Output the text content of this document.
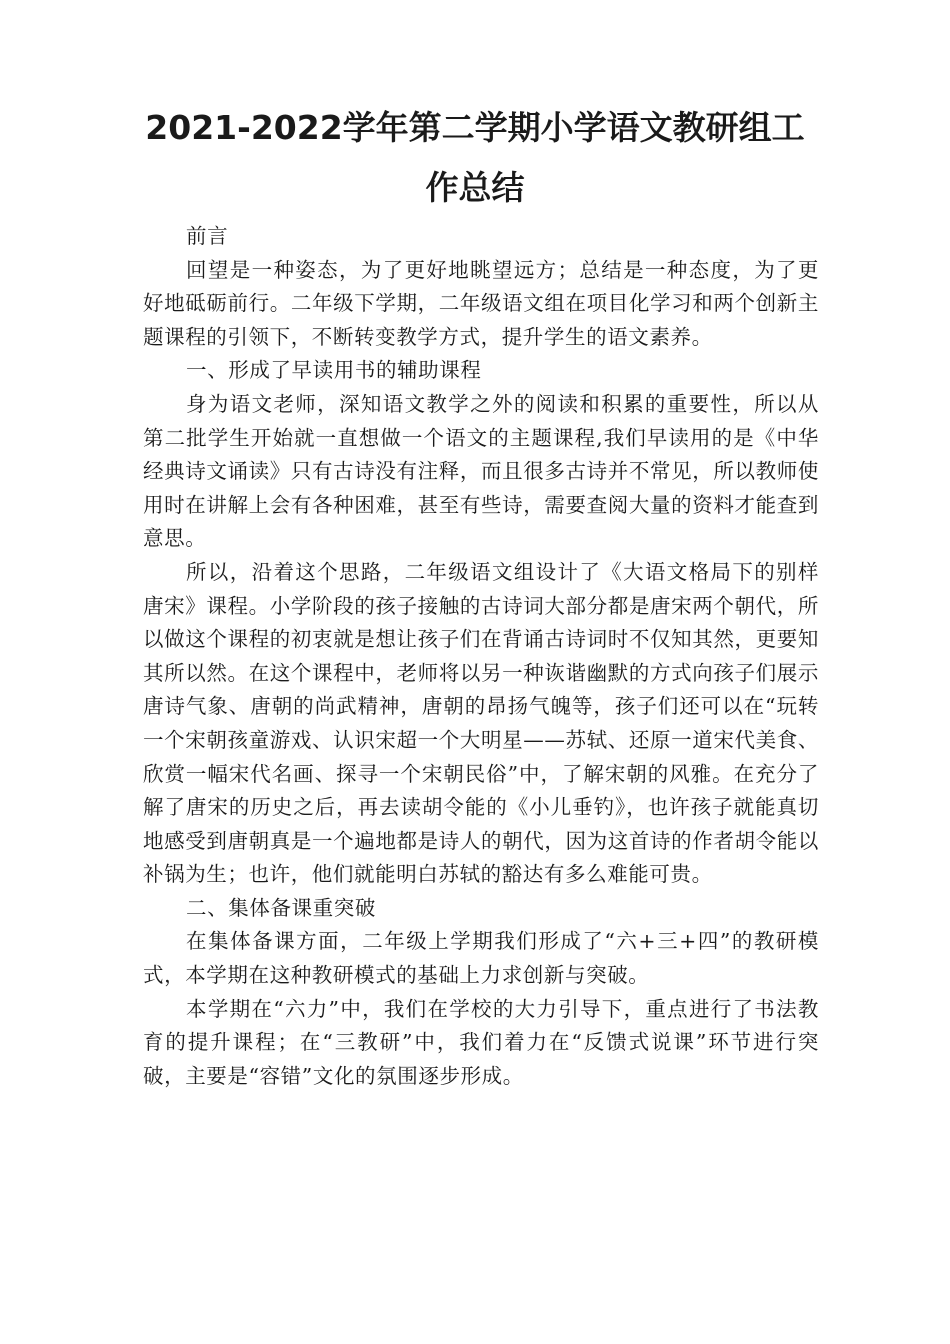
2021-2022学年第二学期小学语文教研组工
作总结

前言

回望是一种姿态，为了更好地眺望远方；总结是一种态度，为了更好地砥砺前行。二年级下学期，二年级语文组在项目化学习和两个创新主题课程的引领下，不断转变教学方式，提升学生的语文素养。

一、形成了早读用书的辅助课程

身为语文老师，深知语文教学之外的阅读和积累的重要性，所以从第二批学生开始就一直想做一个语文的主题课程,我们早读用的是《中华经典诗文诵读》只有古诗没有注释，而且很多古诗并不常见，所以教师使用时在讲解上会有各种困难，甚至有些诗，需要查阅大量的资料才能查到意思。

所以，沿着这个思路，二年级语文组设计了《大语文格局下的别样唐宋》课程。小学阶段的孩子接触的古诗词大部分都是唐宋两个朝代，所以做这个课程的初衷就是想让孩子们在背诵古诗词时不仅知其然，更要知其所以然。在这个课程中，老师将以另一种诙谐幽默的方式向孩子们展示唐诗气象、唐朝的尚武精神，唐朝的昂扬气魄等，孩子们还可以在“玩转一个宋朝孩童游戏、认识宋超一个大明星——苏轼、还原一道宋代美食、欣赏一幅宋代名画、探寻一个宋朝民俗”中，了解宋朝的风雅。在充分了解了唐宋的历史之后，再去读胡令能的《小儿垂钓》，也许孩子就能真切地感受到唐朝真是一个遍地都是诗人的朝代，因为这首诗的作者胡令能以补锅为生；也许，他们就能明白苏轼的豁达有多么难能可贵。

二、集体备课重突破

在集体备课方面，二年级上学期我们形成了“六+三+四”的教研模式，本学期在这种教研模式的基础上力求创新与突破。

本学期在“六力”中，我们在学校的大力引导下，重点进行了书法教育的提升课程；在“三教研”中，我们着力在“反馈式说课”环节进行突破，主要是“容错”文化的氛围逐步形成。
